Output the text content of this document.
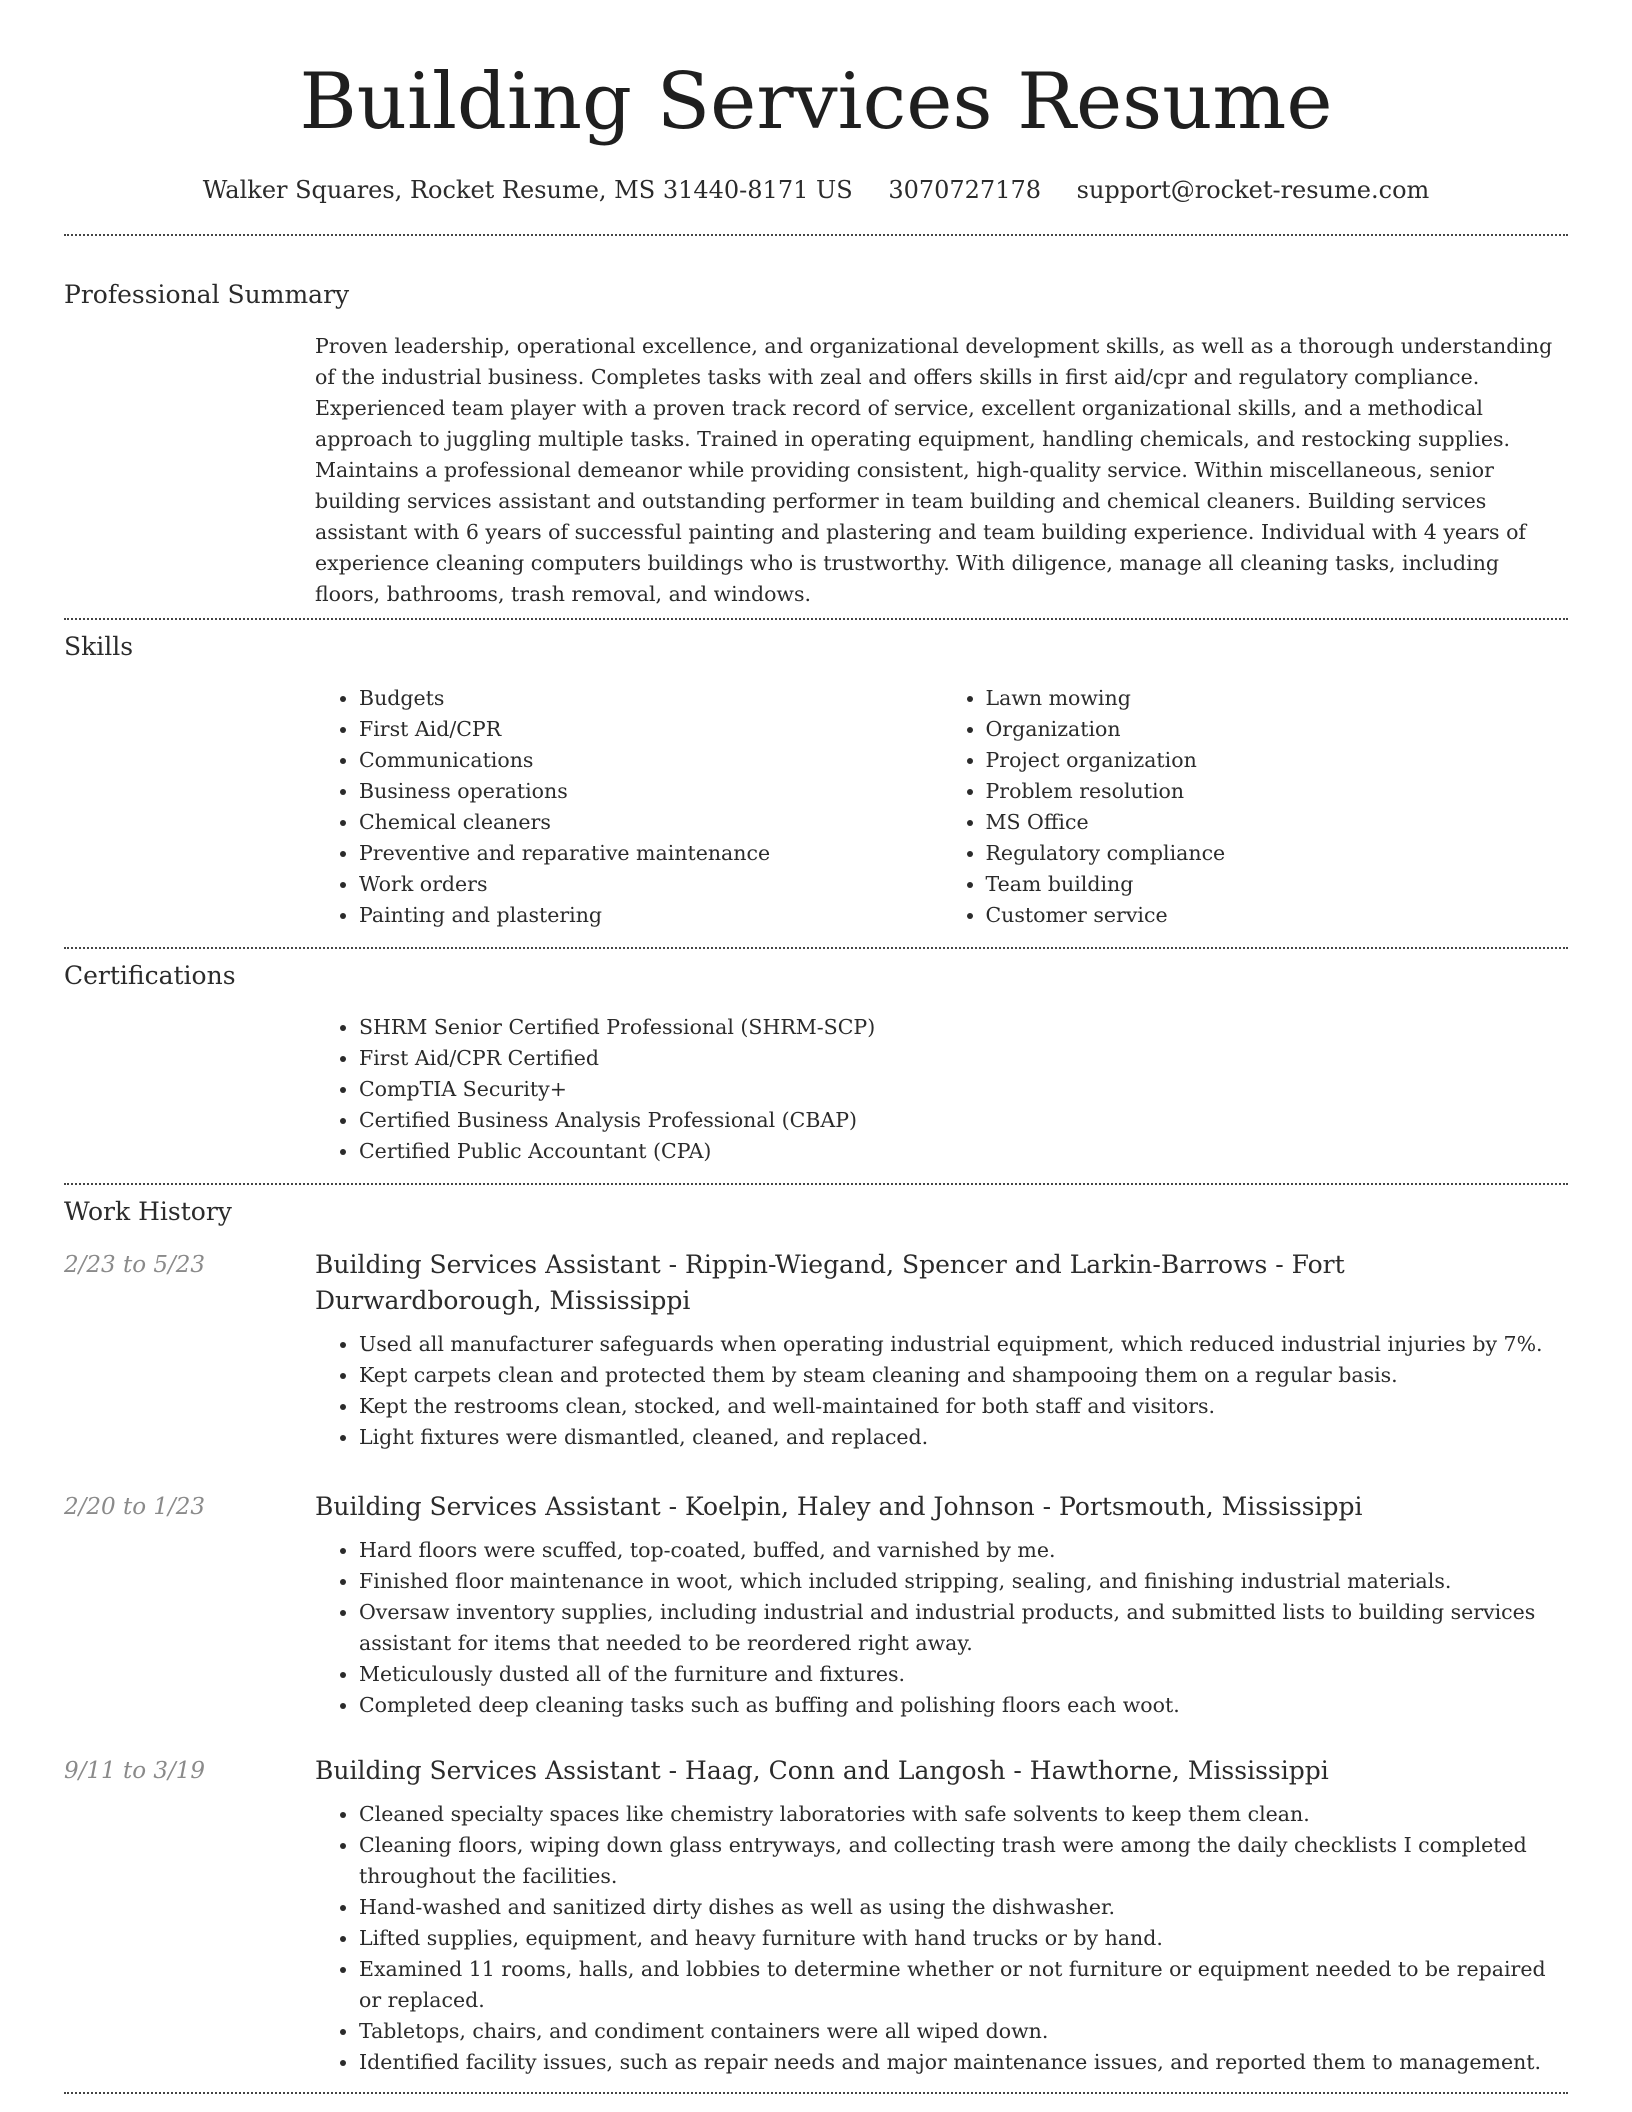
Building Services Resume
Walker Squares, Rocket Resume, MS 31440-8171 US 3070727178 support@rocket-resume.com
Professional Summary
Proven leadership, operational excellence, and organizational development skills, as well as a thorough understanding of the industrial business. Completes tasks with zeal and offers skills in first aid/cpr and regulatory compliance. Experienced team player with a proven track record of service, excellent organizational skills, and a methodical approach to juggling multiple tasks. Trained in operating equipment, handling chemicals, and restocking supplies. Maintains a professional demeanor while providing consistent, high-quality service. Within miscellaneous, senior building services assistant and outstanding performer in team building and chemical cleaners. Building services assistant with 6 years of successful painting and plastering and team building experience. Individual with 4 years of experience cleaning computers buildings who is trustworthy. With diligence, manage all cleaning tasks, including floors, bathrooms, trash removal, and windows.
Skills
• Budgets
• First Aid/CPR
• Communications
• Business operations
• Chemical cleaners
• Preventive and reparative maintenance
• Work orders
• Painting and plastering
• Lawn mowing
• Organization
• Project organization
• Problem resolution
• MS Office
• Regulatory compliance
• Team building
• Customer service
Certifications
• SHRM Senior Certified Professional (SHRM-SCP)
• First Aid/CPR Certified
• CompTIA Security+
• Certified Business Analysis Professional (CBAP)
• Certified Public Accountant (CPA)
Work History
2/23 to 5/23	Building Services Assistant - Rippin-Wiegand, Spencer and Larkin-Barrows - Fort Durwardborough, Mississippi
• Used all manufacturer safeguards when operating industrial equipment, which reduced industrial injuries by 7%.
• Kept carpets clean and protected them by steam cleaning and shampooing them on a regular basis.
• Kept the restrooms clean, stocked, and well-maintained for both staff and visitors.
• Light fixtures were dismantled, cleaned, and replaced.
2/20 to 1/23	Building Services Assistant - Koelpin, Haley and Johnson - Portsmouth, Mississippi
• Hard floors were scuffed, top-coated, buffed, and varnished by me.
• Finished floor maintenance in woot, which included stripping, sealing, and finishing industrial materials.
• Oversaw inventory supplies, including industrial and industrial products, and submitted lists to building services assistant for items that needed to be reordered right away.
• Meticulously dusted all of the furniture and fixtures.
• Completed deep cleaning tasks such as buffing and polishing floors each woot.
9/11 to 3/19	Building Services Assistant - Haag, Conn and Langosh - Hawthorne, Mississippi
• Cleaned specialty spaces like chemistry laboratories with safe solvents to keep them clean.
• Cleaning floors, wiping down glass entryways, and collecting trash were among the daily checklists I completed throughout the facilities.
• Hand-washed and sanitized dirty dishes as well as using the dishwasher.
• Lifted supplies, equipment, and heavy furniture with hand trucks or by hand.
• Examined 11 rooms, halls, and lobbies to determine whether or not furniture or equipment needed to be repaired or replaced.
• Tabletops, chairs, and condiment containers were all wiped down.
• Identified facility issues, such as repair needs and major maintenance issues, and reported them to management.
